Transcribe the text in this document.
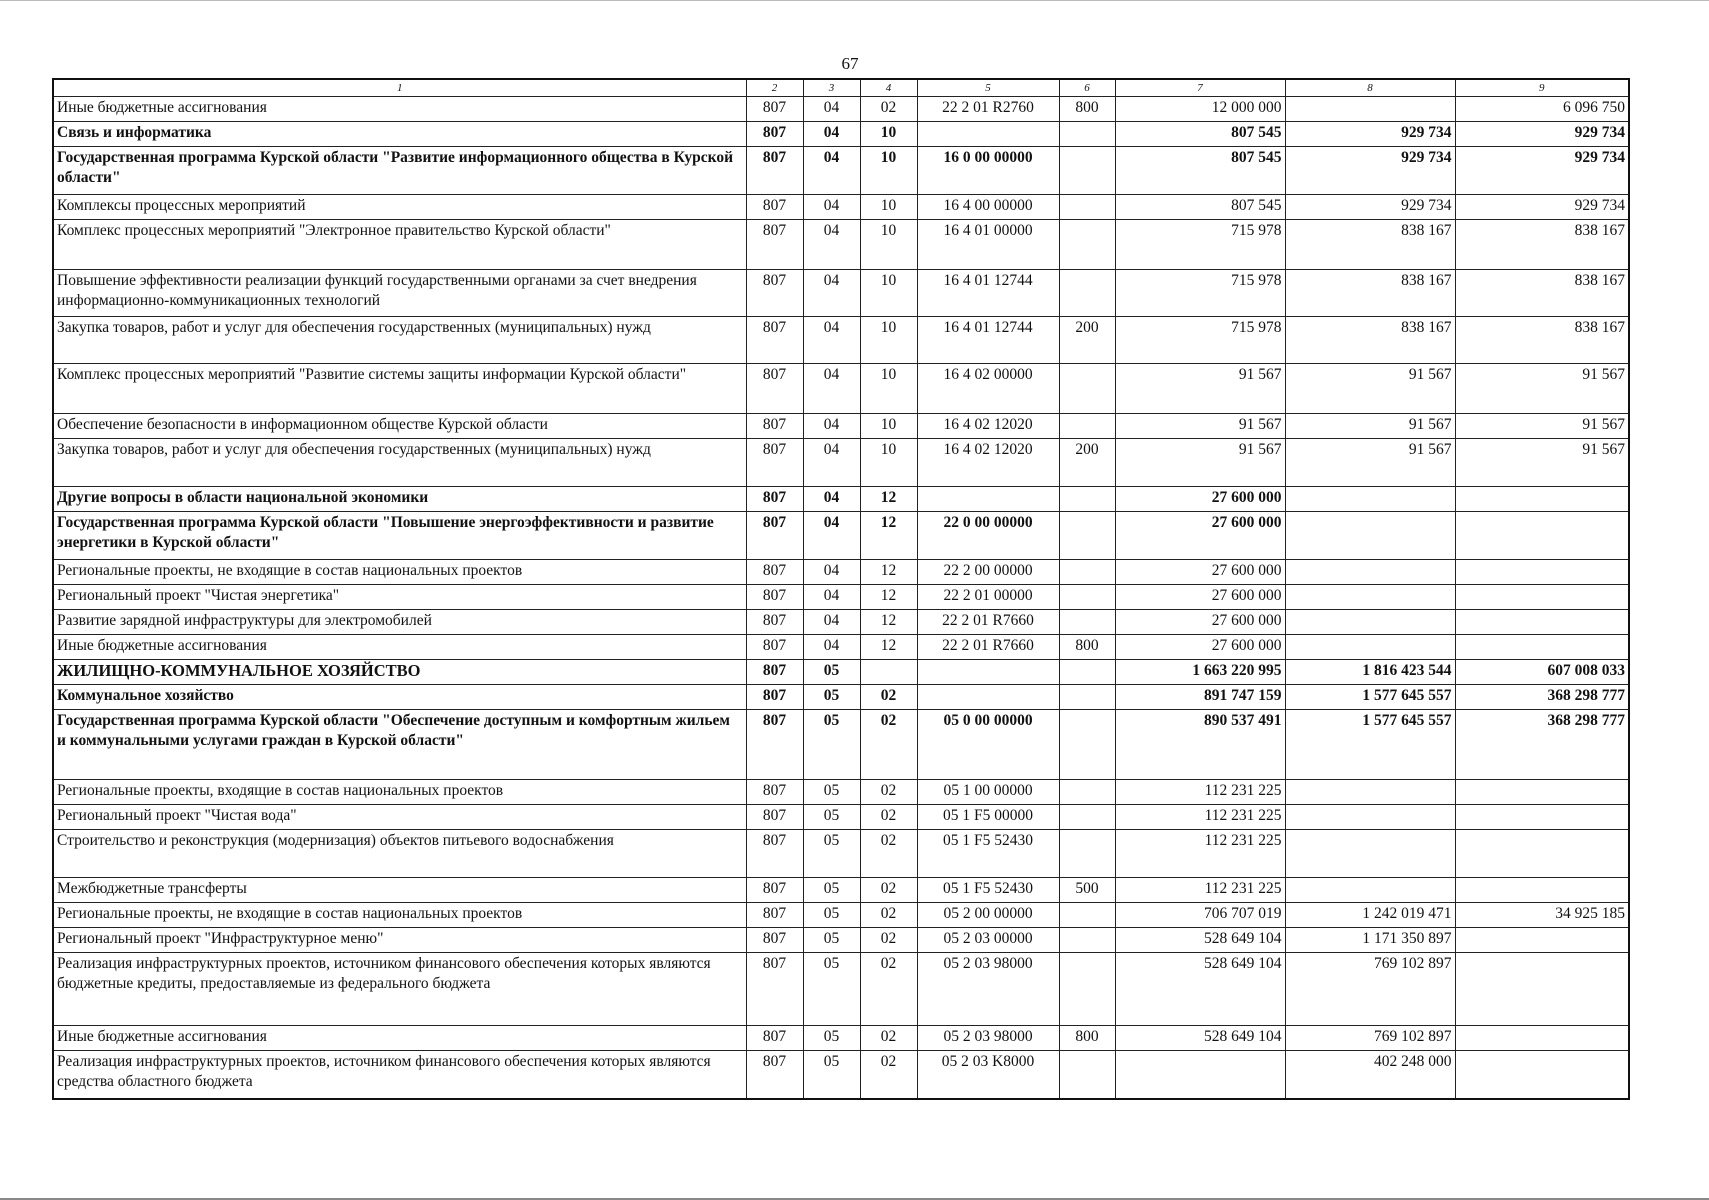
67
1	2	3	4	5	6	7	8	9
Иные бюджетные ассигнования	807	04	02	22 2 01 R2760	800	12 000 000		6 096 750
Связь и информатика	807	04	10			807 545	929 734	929 734
Государственная программа Курской области "Развитие информационного общества в Курской области"	807	04	10	16 0 00 00000		807 545	929 734	929 734
Комплексы процессных мероприятий	807	04	10	16 4 00 00000		807 545	929 734	929 734
Комплекс процессных мероприятий "Электронное правительство Курской области"	807	04	10	16 4 01 00000		715 978	838 167	838 167
Повышение эффективности реализации функций государственными органами за счет внедрения информационно-коммуникационных технологий	807	04	10	16 4 01 12744		715 978	838 167	838 167
Закупка товаров, работ и услуг для обеспечения государственных (муниципальных) нужд	807	04	10	16 4 01 12744	200	715 978	838 167	838 167
Комплекс процессных мероприятий "Развитие системы защиты информации Курской области"	807	04	10	16 4 02 00000		91 567	91 567	91 567
Обеспечение безопасности в информационном обществе Курской области	807	04	10	16 4 02 12020		91 567	91 567	91 567
Закупка товаров, работ и услуг для обеспечения государственных (муниципальных) нужд	807	04	10	16 4 02 12020	200	91 567	91 567	91 567
Другие вопросы в области национальной экономики	807	04	12			27 600 000		
Государственная программа Курской области "Повышение энергоэффективности и развитие энергетики в Курской области"	807	04	12	22 0 00 00000		27 600 000		
Региональные проекты, не входящие в состав национальных проектов	807	04	12	22 2 00 00000		27 600 000		
Региональный проект "Чистая энергетика"	807	04	12	22 2 01 00000		27 600 000		
Развитие зарядной инфраструктуры для электромобилей	807	04	12	22 2 01 R7660		27 600 000		
Иные бюджетные ассигнования	807	04	12	22 2 01 R7660	800	27 600 000		
ЖИЛИЩНО-КОММУНАЛЬНОЕ ХОЗЯЙСТВО	807	05				1 663 220 995	1 816 423 544	607 008 033
Коммунальное хозяйство	807	05	02			891 747 159	1 577 645 557	368 298 777
Государственная программа Курской области "Обеспечение доступным и комфортным жильем и коммунальными услугами граждан в Курской области"	807	05	02	05 0 00 00000		890 537 491	1 577 645 557	368 298 777
Региональные проекты, входящие в состав национальных проектов	807	05	02	05 1 00 00000		112 231 225		
Региональный проект "Чистая вода"	807	05	02	05 1 F5 00000		112 231 225		
Строительство и реконструкция (модернизация) объектов питьевого водоснабжения	807	05	02	05 1 F5 52430		112 231 225		
Межбюджетные трансферты	807	05	02	05 1 F5 52430	500	112 231 225		
Региональные проекты, не входящие в состав национальных проектов	807	05	02	05 2 00 00000		706 707 019	1 242 019 471	34 925 185
Региональный проект "Инфраструктурное меню"	807	05	02	05 2 03 00000		528 649 104	1 171 350 897	
Реализация инфраструктурных проектов, источником финансового обеспечения которых являются бюджетные кредиты, предоставляемые из федерального бюджета	807	05	02	05 2 03 98000		528 649 104	769 102 897	
Иные бюджетные ассигнования	807	05	02	05 2 03 98000	800	528 649 104	769 102 897	
Реализация инфраструктурных проектов, источником финансового обеспечения которых являются средства областного бюджета	807	05	02	05 2 03 K8000			402 248 000	
